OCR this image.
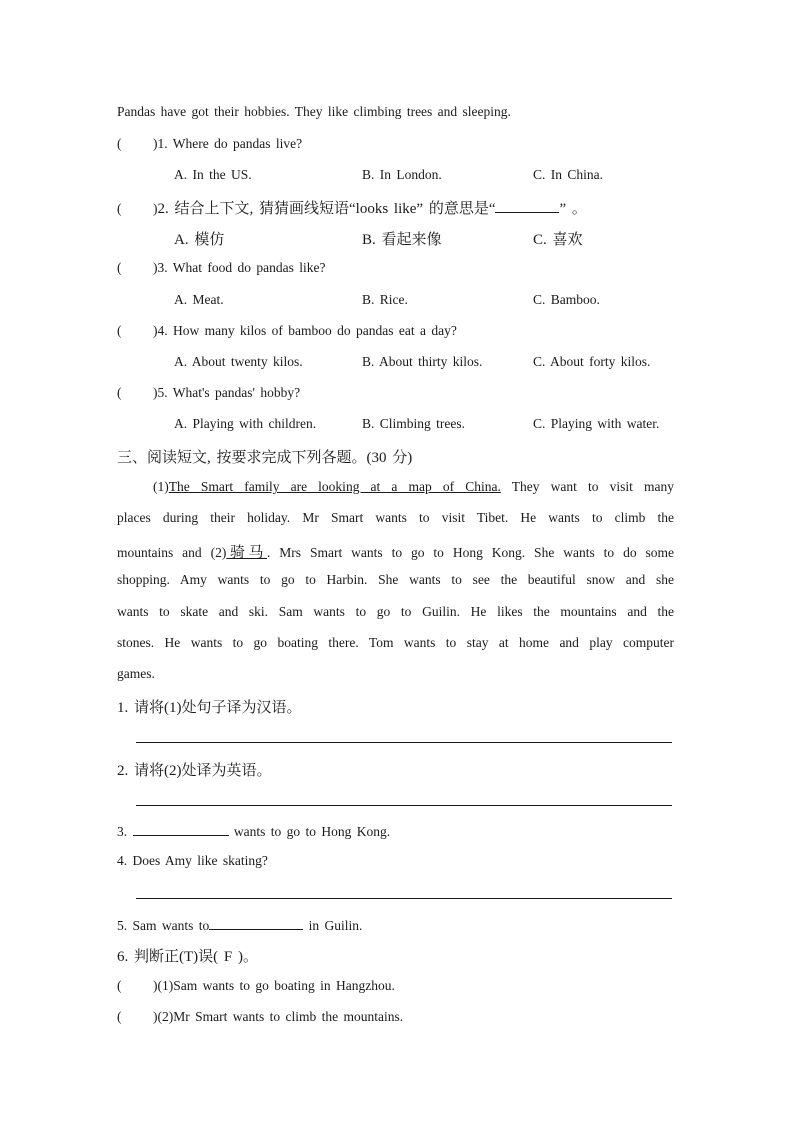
Pandas have got their hobbies. They like climbing trees and sleeping.
( )1. Where do pandas live?
A. In the US.	B. In London.	C. In China.
( )2. 结合上下文, 猜猜画线短语“looks like” 的意思是“	” 。
A. 模仿	B. 看起来像	C. 喜欢
( )3. What food do pandas like?
A. Meat.	B. Rice.	C. Bamboo.
( )4. How many kilos of bamboo do pandas eat a day?
A. About twenty kilos.	B. About thirty kilos.	C. About forty kilos.
( )5. What's pandas' hobby?
A. Playing with children.	B. Climbing trees.	C. Playing with water.
三、阅读短文, 按要求完成下列各题。(30 分)
(1)The Smart family are looking at a map of China. They want to visit many
places during their holiday. Mr Smart wants to visit Tibet. He wants to climb the
mountains and (2)骑马. Mrs Smart wants to go to Hong Kong. She wants to do some
shopping. Amy wants to go to Harbin. She wants to see the beautiful snow and she
wants to skate and ski. Sam wants to go to Guilin. He likes the mountains and the
stones. He wants to go boating there. Tom wants to stay at home and play computer
games.
1. 请将(1)处句子译为汉语。
2. 请将(2)处译为英语。
3.	wants to go to Hong Kong.
4. Does Amy like skating?
5. Sam wants to	in Guilin.
6. 判断正(T)误( F )。
( )(1)Sam wants to go boating in Hangzhou.
( )(2)Mr Smart wants to climb the mountains.
